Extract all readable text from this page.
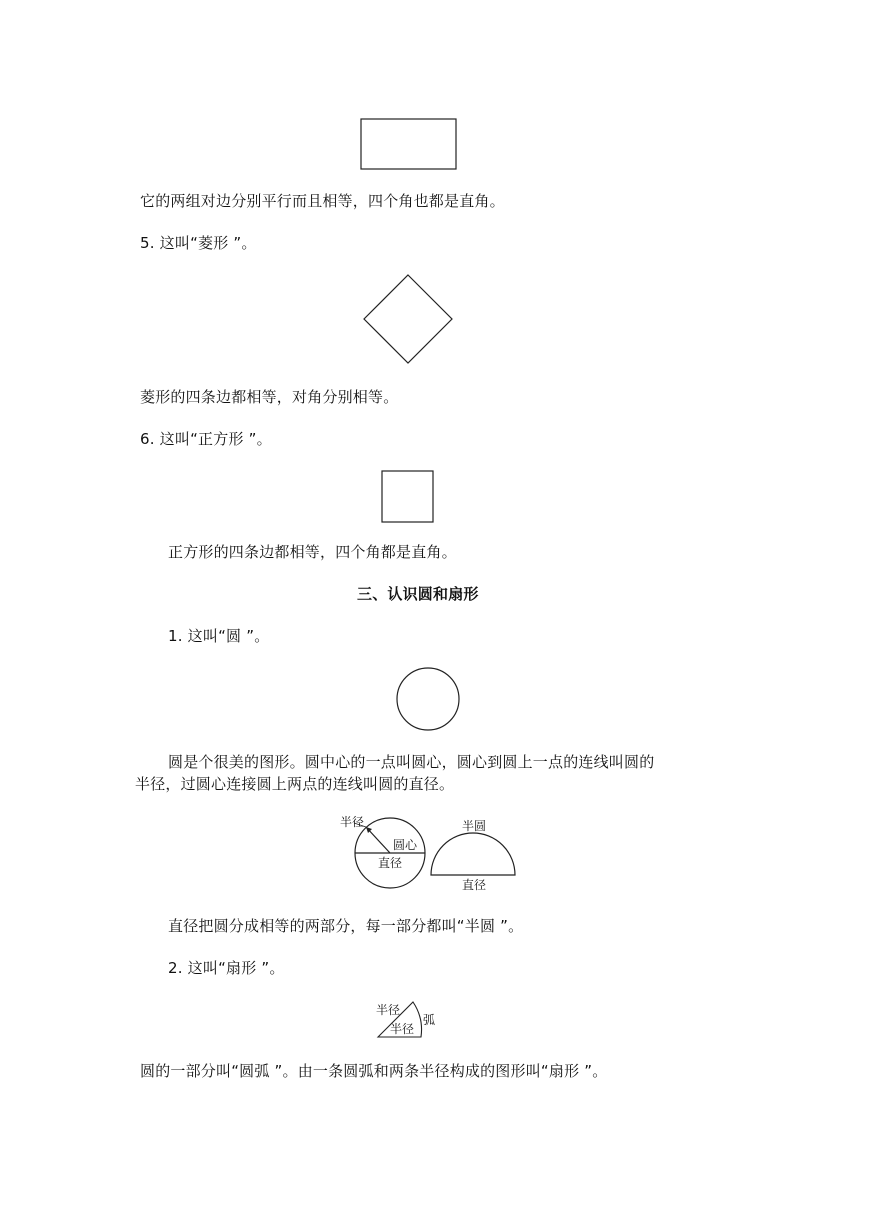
它的两组对边分别平行而且相等，四个角也都是直角。
5. 这叫“菱形 ”。
菱形的四条边都相等，对角分别相等。
6. 这叫“正方形 ”。
正方形的四条边都相等，四个角都是直角。
三、认识圆和扇形
1. 这叫“圆 ”。
圆是个很美的图形。圆中心的一点叫圆心，圆心到圆上一点的连线叫圆的
半径，过圆心连接圆上两点的连线叫圆的直径。
半径
圆心
直径
半圆
直径
直径把圆分成相等的两部分，每一部分都叫“半圆 ”。
2. 这叫“扇形 ”。
半径
半径
弧
圆的一部分叫“圆弧 ”。由一条圆弧和两条半径构成的图形叫“扇形 ”。
